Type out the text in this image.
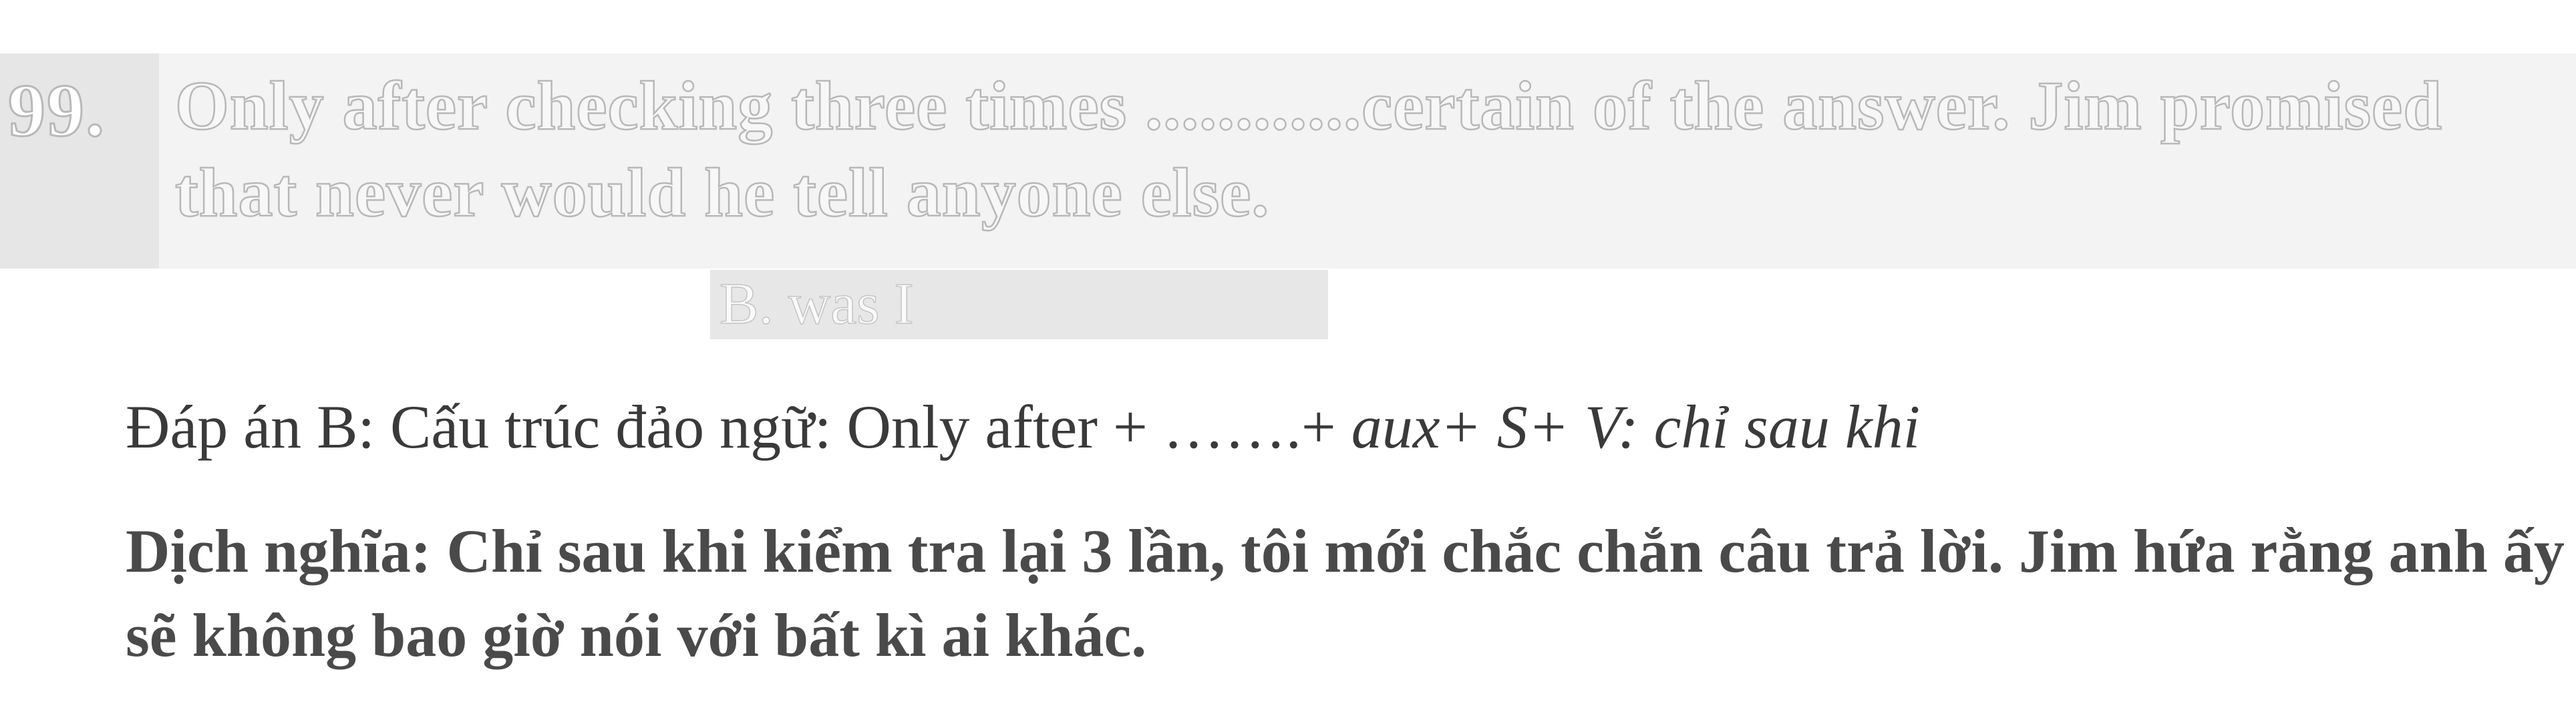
99. Only after checking three times ............certain of the answer. Jim promised that never would he tell anyone else.
B. was I
Đáp án B: Cấu trúc đảo ngữ: Only after + …….+ aux+ S+ V: chỉ sau khi
Dịch nghĩa: Chỉ sau khi kiểm tra lại 3 lần, tôi mới chắc chắn câu trả lời. Jim hứa rằng anh ấy sẽ không bao giờ nói với bất kì ai khác.
